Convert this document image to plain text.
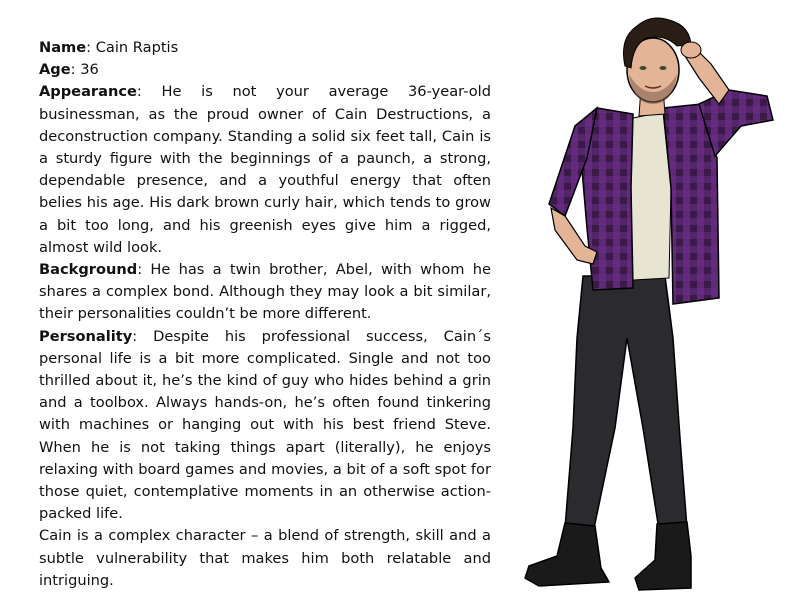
Name: Cain Raptis

Age: 36

Appearance: He is not your average 36-year-old businessman, as the proud owner of Cain Destructions, a deconstruction company. Standing a solid six feet tall, Cain is a sturdy figure with the beginnings of a paunch, a strong, dependable presence, and a youthful energy that often belies his age. His dark brown curly hair, which tends to grow a bit too long, and his greenish eyes give him a rigged, almost wild look.

Background: He has a twin brother, Abel, with whom he shares a complex bond. Although they may look a bit similar, their personalities couldn’t be more different.

Personality: Despite his professional success, Cain´s personal life is a bit more complicated. Single and not too thrilled about it, he’s the kind of guy who hides behind a grin and a toolbox. Always hands-on, he’s often found tinkering with machines or hanging out with his best friend Steve. When he is not taking things apart (literally), he enjoys relaxing with board games and movies, a bit of a soft spot for those quiet, contemplative moments in an otherwise action-packed life.

Cain is a complex character – a blend of strength, skill and a subtle vulnerability that makes him both relatable and intriguing.
